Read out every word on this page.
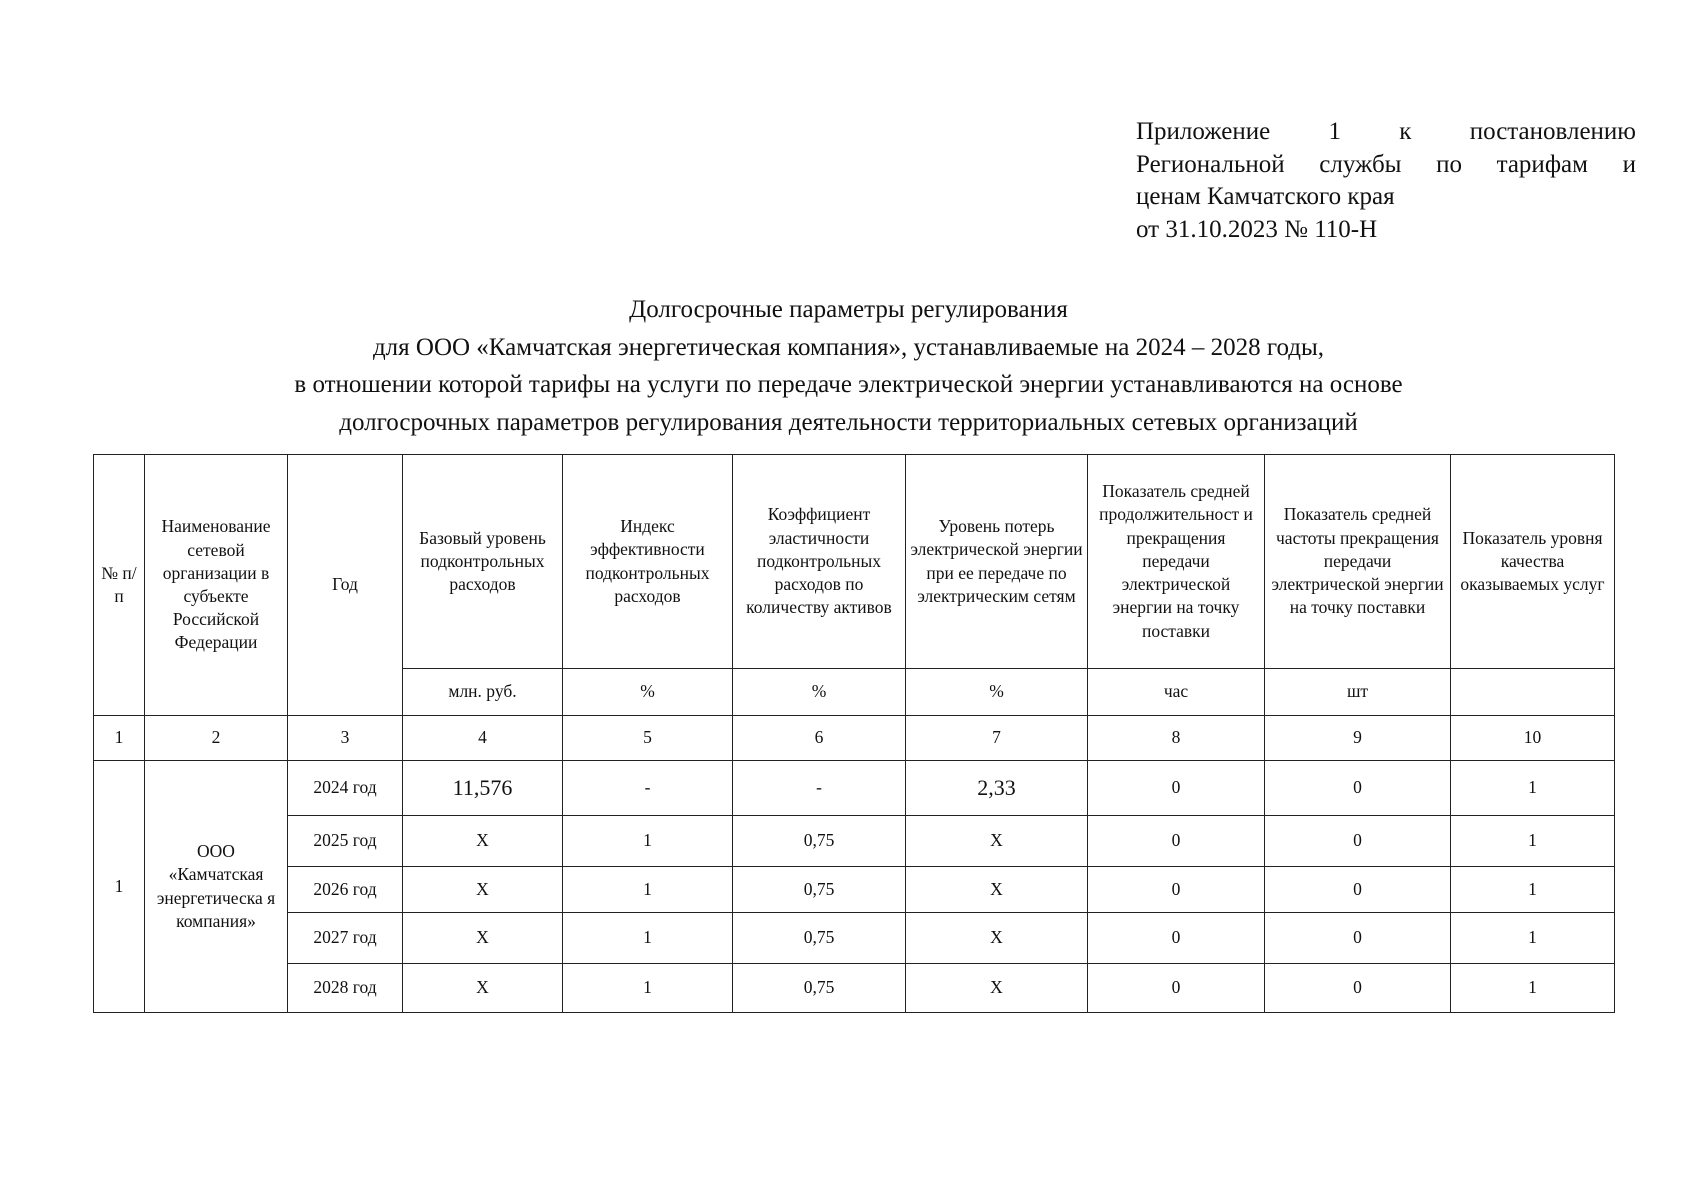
Приложение 1 к постановлению
Региональной службы по тарифам и
ценам Камчатского края
от 31.10.2023 № 110-Н
Долгосрочные параметры регулирования
для ООО «Камчатская энергетическая компания», устанавливаемые на 2024 – 2028 годы,
в отношении которой тарифы на услуги по передаче электрической энергии устанавливаются на основе
долгосрочных параметров регулирования деятельности территориальных сетевых организаций
№ п/п	Наименование сетевой организации в субъекте Российской Федерации	Год	Базовый уровень подконтрольных расходов	Индекс эффективности подконтрольных расходов	Коэффициент эластичности подконтрольных расходов по количеству активов	Уровень потерь электрической энергии при ее передаче по электрическим сетям	Показатель средней продолжительност и прекращения передачи электрической энергии на точку поставки	Показатель средней частоты прекращения передачи электрической энергии на точку поставки	Показатель уровня качества оказываемых услуг
			млн. руб.	%	%	%	час	шт	
1	2	3	4	5	6	7	8	9	10
1	ООО «Камчатская энергетическа я компания»	2024 год	11,576	-	-	2,33	0	0	1
		2025 год	Х	1	0,75	Х	0	0	1
		2026 год	Х	1	0,75	Х	0	0	1
		2027 год	Х	1	0,75	Х	0	0	1
		2028 год	Х	1	0,75	Х	0	0	1
